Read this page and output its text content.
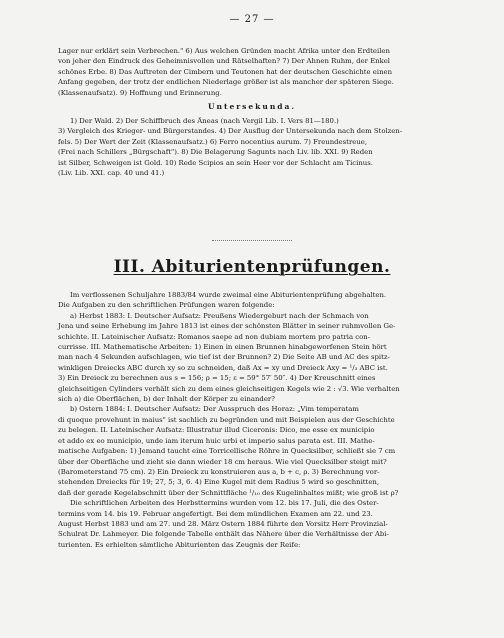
— 27 —

Lager nur erklärt sein Verbrechen." 6) Aus welchen Gründen macht Afrika unter den Erdteilen

von jeher den Eindruck des Geheimnisvollen und Rätselhaften? 7) Der Ahnen Ruhm, der Enkel

schönes Erbe. 8) Das Auftreten der Cimbern und Teutonen hat der deutschen Geschichte einen

Anfang gegeben, der trotz der endlichen Niederlage größer ist als mancher der späteren Siege.

(Klassenaufsatz). 9) Hoffnung und Erinnerung.

Untersekunda.

1) Der Wald. 2) Der Schiffbruch des Äneas (nach Vergil Lib. I. Vers 81—180.)

3) Vergleich des Krieger- und Bürgerstandes. 4) Der Ausflug der Untersekunda nach dem Stolzen-

fels. 5) Der Wert der Zeit (Klassenaufsatz.) 6) Ferro nocentius aurum. 7) Freundestreue,

(Frei nach Schillers „Bürgschaft"). 8) Die Belagerung Sagunts nach Liv. lib. XXI. 9) Reden

ist Silber, Schweigen ist Gold. 10) Rede Scipios an sein Heer vor der Schlacht am Ticinus.

(Liv. Lib. XXI. cap. 40 und 41.)

III. Abiturientenprüfungen.

Im verflossenen Schuljahre 1883/84 wurde zweimal eine Abiturientenprüfung abgehalten.

Die Aufgaben zu den schriftlichen Prüfungen waren folgende:

a) Herbst 1883: I. Deutscher Aufsatz: Preußens Wiedergeburt nach der Schmach von

Jena und seine Erhebung im Jahre 1813 ist eines der schönsten Blätter in seiner ruhmvollen Ge-

schichte. II. Lateinischer Aufsatz: Romanos saepe ad non dubiam mortem pro patria con-

currisse. III. Mathematische Arbeiten: 1) Einen in einen Brunnen hinabgeworfenen Stein hört

man nach 4 Sekunden aufschlagen, wie tief ist der Brunnen? 2) Die Seite AB und AC des spitz-

winkligen Dreiecks ABC durch xy so zu schneiden, daß Ax = xy und Dreieck Axy = ¹/₃ ABC ist.

3) Ein Dreieck zu berechnen aus s = 156; ρ = 15; ε = 59° 57′ 50″. 4) Der Kreuschnitt eines

gleichseitigen Cylinders verhält sich zu dem eines gleichseitigen Kegels wie 2 : √3. Wie verhalten

sich a) die Oberflächen, b) der Inhalt der Körper zu einander?

b) Ostern 1884: I. Deutscher Aufsatz: Der Ausspruch des Horaz: „Vim temperatam

di quoque provehunt in maius" ist sachlich zu begründen und mit Beispielen aus der Geschichte

zu belegen. II. Lateinischer Aufsatz: Illustratur illud Ciceronis: Dico, me esse ex municipio

et addo ex eo municipio, unde iam iterum huic urbi et imperio salus parata est. III. Mathe-

matische Aufgaben: 1) Jemand taucht eine Torricellische Röhre in Quecksilber, schließt sie 7 cm

über der Oberfläche und zieht sie dann wieder 18 cm heraus. Wie viel Quecksilber steigt mit?

(Barometerstand 75 cm). 2) Ein Dreieck zu konstruieren aus a, b + c, ρ. 3) Berechnung vor-

stehenden Dreiecks für 19; 27, 5; 3, 6. 4) Eine Kugel mit dem Radius 5 wird so geschnitten,

daß der gerade Kegelabschnitt über der Schnittfläche ¹/₁₀ des Kugelinhaltes mißt; wie groß ist ρ?

Die schriftlichen Arbeiten des Herbsttermins wurden vom 12. bis 17. Juli, die des Oster-

termins vom 14. bis 19. Februar angefertigt. Bei dem mündlichen Examen am 22. und 23.

August Herbst 1883 und am 27. und 28. März Ostern 1884 führte den Vorsitz Herr Provinzial-

Schulrat Dr. Lahmeyer. Die folgende Tabelle enthält das Nähere über die Verhältnisse der Abi-

turienten. Es erhielten sämtliche Abiturienten das Zeugnis der Reife:
